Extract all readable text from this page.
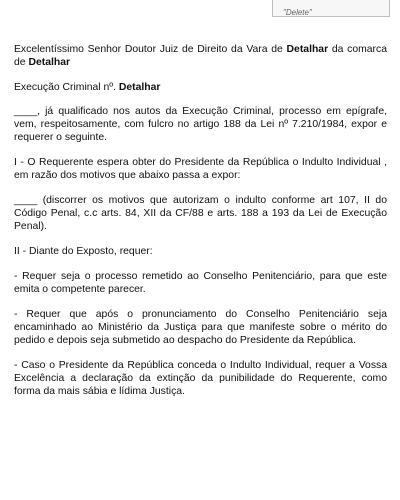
"Delete"

Excelentíssimo Senhor Doutor Juiz de Direito da Vara de Detalhar da comarca de Detalhar

Execução Criminal nº. Detalhar

____, já qualificado nos autos da Execução Criminal, processo em epígrafe, vem, respeitosamente, com fulcro no artigo 188 da Lei nº 7.210/1984, expor e requerer o seguinte.

I - O Requerente espera obter do Presidente da República o Indulto Individual , em razão dos motivos que abaixo passa a expor:

____ (discorrer os motivos que autorizam o indulto conforme art 107, II do Código Penal, c.c arts. 84, XII da CF/88 e arts. 188 a 193 da Lei de Execução Penal).

II - Diante do Exposto, requer:

- Requer seja o processo remetido ao Conselho Penitenciário, para que este emita o competente parecer.

- Requer que após o pronunciamento do Conselho Penitenciário seja encaminhado ao Ministério da Justiça para que manifeste sobre o mérito do pedido e depois seja submetido ao despacho do Presidente da República.

- Caso o Presidente da República conceda o Indulto Individual, requer a Vossa Excelência a declaração da extinção da punibilidade do Requerente, como forma da mais sábia e lídima Justiça.
